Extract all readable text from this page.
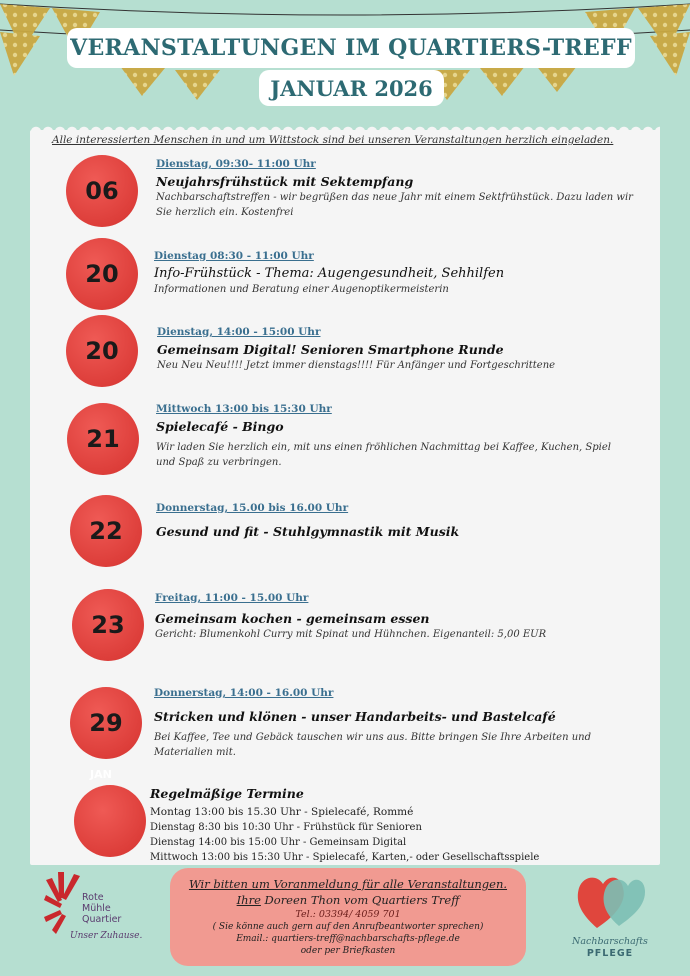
VERANSTALTUNGEN IM QUARTIERS-TREFF
JANUAR 2026
Alle interessierten Menschen in und um Wittstock sind bei unseren Veranstaltungen herzlich eingeladen.
06
Dienstag, 09:30- 11:00 Uhr
Neujahrsfrühstück mit Sektempfang
Nachbarschaftstreffen - wir begrüßen das neue Jahr mit einem Sektfrühstück. Dazu laden wir Sie herzlich ein. Kostenfrei
20
Dienstag 08:30 - 11:00 Uhr
Info-Frühstück - Thema: Augengesundheit, Sehhilfen
Informationen und Beratung einer Augenoptikermeisterin
20
Dienstag, 14:00 - 15:00 Uhr
Gemeinsam Digital! Senioren Smartphone Runde
Neu Neu Neu!!!! Jetzt immer dienstags!!!! Für Anfänger und Fortgeschrittene
21
Mittwoch 13:00 bis 15:30 Uhr
Spielecafé - Bingo
Wir laden Sie herzlich ein, mit uns einen fröhlichen Nachmittag bei Kaffee, Kuchen, Spiel und Spaß zu verbringen.
22
Donnerstag, 15.00 bis 16.00 Uhr
Gesund und fit - Stuhlgymnastik mit Musik
23
Freitag, 11:00 - 15.00 Uhr
Gemeinsam kochen - gemeinsam essen
Gericht: Blumenkohl Curry mit Spinat und Hühnchen. Eigenanteil: 5,00 EUR
29
Donnerstag, 14:00 - 16.00 Uhr
Stricken und klönen - unser Handarbeits- und Bastelcafé
Bei Kaffee, Tee und Gebäck tauschen wir uns aus. Bitte bringen Sie Ihre Arbeiten und Materialien mit.
JAN
Regelmäßige Termine
Montag 13:00 bis 15.30 Uhr - Spielecafé, Rommé
Dienstag 8:30 bis 10:30 Uhr - Frühstück für Senioren
Dienstag 14:00 bis 15:00 Uhr - Gemeinsam Digital
Mittwoch 13:00 bis 15:30 Uhr - Spielecafé, Karten,- oder Gesellschaftsspiele
Wir bitten um Voranmeldung für alle Veranstaltungen.
Ihre Doreen Thon vom Quartiers Treff
Tel.: 03394/ 4059 701
( Sie könne auch gern auf den Anrufbeantworter sprechen)
Email.: quartiers-treff@nachbarschafts-pflege.de
oder per Briefkasten
Rote
Mühle
Quartier
Unser Zuhause.	Nachbarschafts
PFLEGE
